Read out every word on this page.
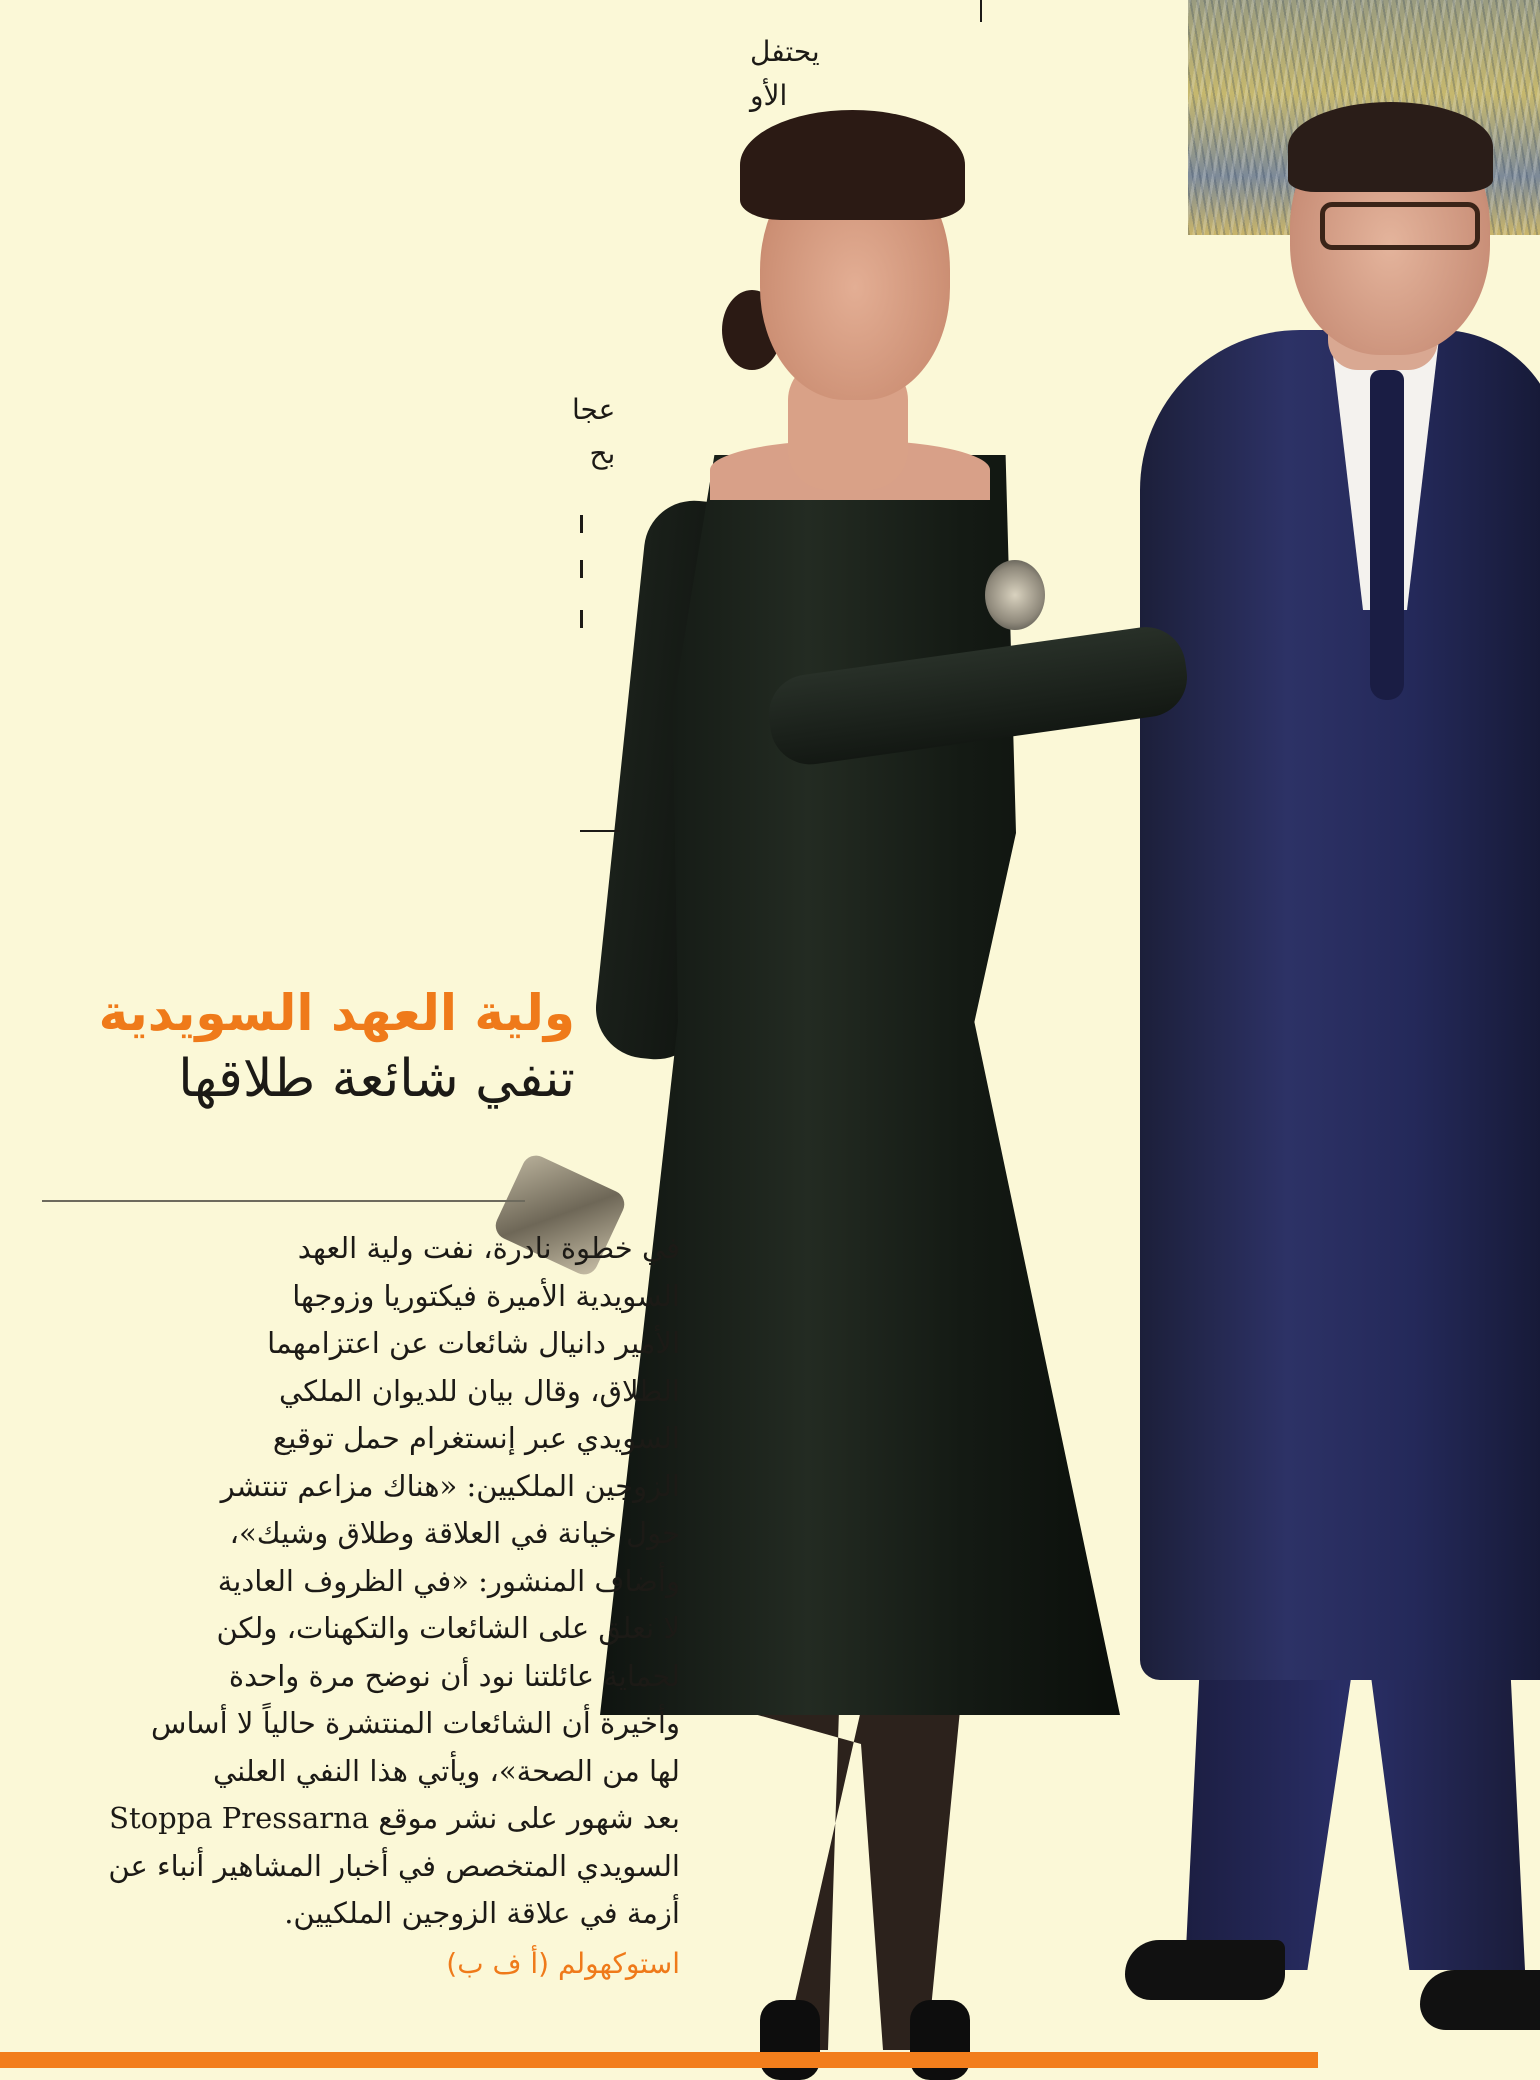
يحتفل
الأو
عجا
بح
ولية العهد السويدية
تنفي شائعة طلاقها
في خطوة نادرة، نفت ولية العهد
السويدية الأميرة فيكتوريا وزوجها
الأمير دانيال شائعات عن اعتزامهما
الطلاق، وقال بيان للديوان الملكي
السويدي عبر إنستغرام حمل توقيع
الزوجين الملكيين: «هناك مزاعم تنتشر
حول خيانة في العلاقة وطلاق وشيك»،
وأضاف المنشور: «في الظروف العادية
لا نعلق على الشائعات والتكهنات، ولكن
لحماية عائلتنا نود أن نوضح مرة واحدة
وأخيرة أن الشائعات المنتشرة حالياً لا أساس
لها من الصحة»، ويأتي هذا النفي العلني
بعد شهور على نشر موقع Stoppa Pressarna
السويدي المتخصص في أخبار المشاهير أنباء عن
أزمة في علاقة الزوجين الملكيين.
استوكهولم (أ ف ب)
